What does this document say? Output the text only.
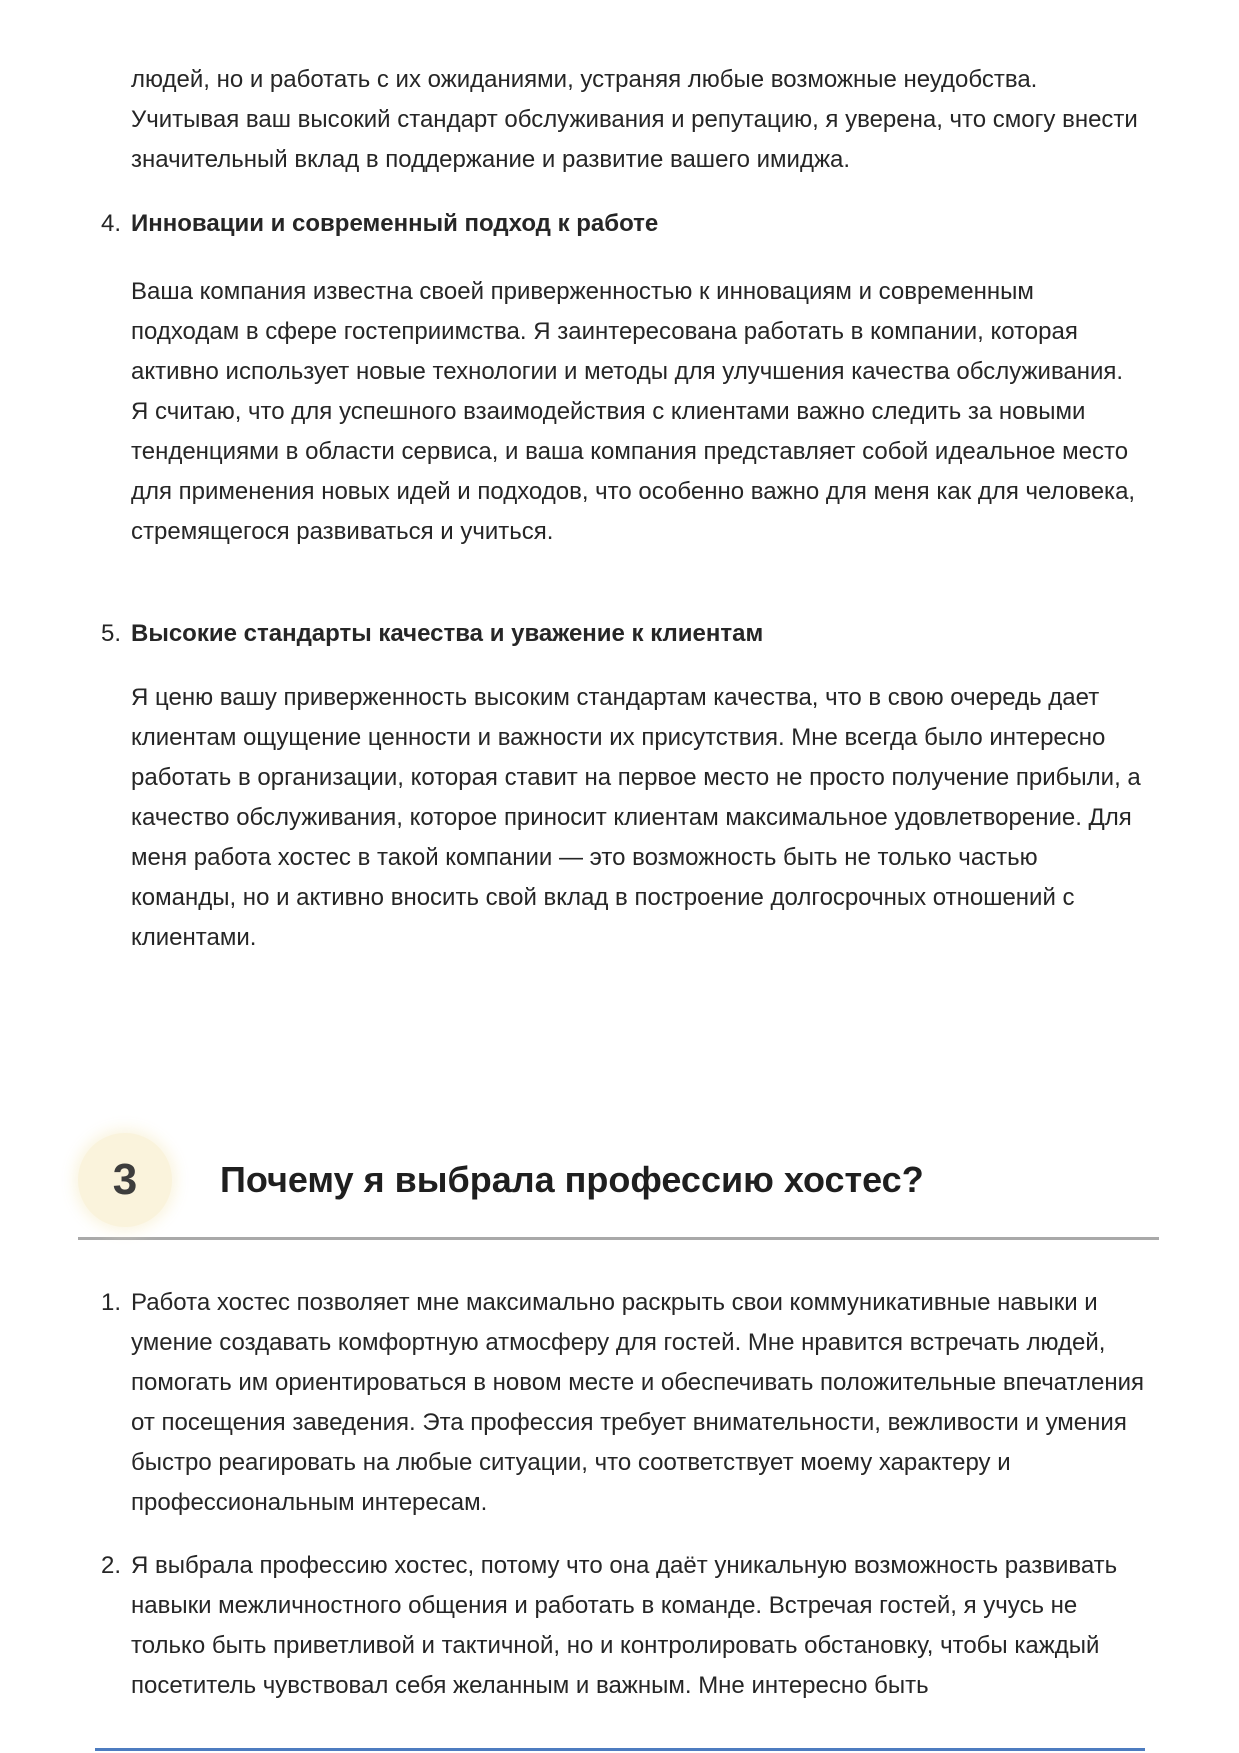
людей, но и работать с их ожиданиями, устраняя любые возможные неудобства. Учитывая ваш высокий стандарт обслуживания и репутацию, я уверена, что смогу внести значительный вклад в поддержание и развитие вашего имиджа.

4. Инновации и современный подход к работе

Ваша компания известна своей приверженностью к инновациям и современным подходам в сфере гостеприимства. Я заинтересована работать в компании, которая активно использует новые технологии и методы для улучшения качества обслуживания. Я считаю, что для успешного взаимодействия с клиентами важно следить за новыми тенденциями в области сервиса, и ваша компания представляет собой идеальное место для применения новых идей и подходов, что особенно важно для меня как для человека, стремящегося развиваться и учиться.

5. Высокие стандарты качества и уважение к клиентам

Я ценю вашу приверженность высоким стандартам качества, что в свою очередь дает клиентам ощущение ценности и важности их присутствия. Мне всегда было интересно работать в организации, которая ставит на первое место не просто получение прибыли, а качество обслуживания, которое приносит клиентам максимальное удовлетворение. Для меня работа хостес в такой компании — это возможность быть не только частью команды, но и активно вносить свой вклад в построение долгосрочных отношений с клиентами.

3	Почему я выбрала профессию хостес?
1. Работа хостес позволяет мне максимально раскрыть свои коммуникативные навыки и умение создавать комфортную атмосферу для гостей. Мне нравится встречать людей, помогать им ориентироваться в новом месте и обеспечивать положительные впечатления от посещения заведения. Эта профессия требует внимательности, вежливости и умения быстро реагировать на любые ситуации, что соответствует моему характеру и профессиональным интересам.
2. Я выбрала профессию хостес, потому что она даёт уникальную возможность развивать навыки межличностного общения и работать в команде. Встречая гостей, я учусь не только быть приветливой и тактичной, но и контролировать обстановку, чтобы каждый посетитель чувствовал себя желанным и важным. Мне интересно быть
